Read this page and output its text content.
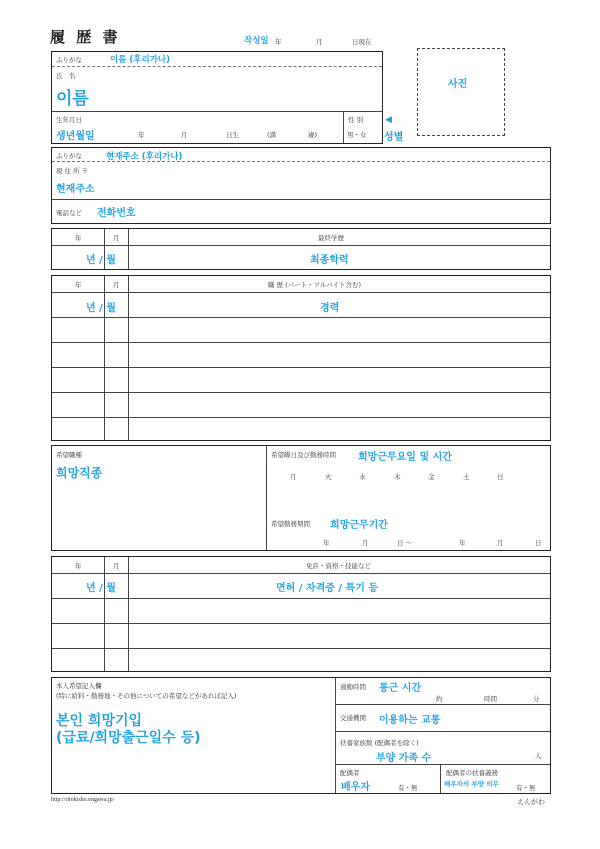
履 歴 書	작성일 年	月	日現在
사진
ふりがな	이름 (후리가나)
氏　名
이름
生年月日
생년월일	年	月	日生	(満	歳)
性 別
男・女
◀
성별
ふりがな	현재주소 (후리가나)
現 住 所 〒
현재주소
電話など 전화번호
年	月	最終学歴
년 / 월	최종학력
年	月	職 歴 (パート・アルバイト含む)
년 / 월	경력
希望職種
희망직종
希望曜日及び勤務時間 희망근무요일 및 시간
月	火	水	木	金	土	日
希望勤務期間 희망근무기간
年	月	日 〜	年	月	日
年	月	免許・資格・技能など
년 / 월	면허 / 자격증 / 특기 등
本人希望記入欄
(特に給料・勤務地・その他についての希望などがあれば記入)
본인 희망기입
(급료/희망출근일수 등)
通勤時間 통근 시간
約	時間	分
交通機関 이용하는 교통
扶養家族数 (配偶者を除く)
부양 가족 수	人
配偶者
배우자	有・無
配偶者の扶養義務
배우자의 부양 의무	有・無
http://rirekisho.engawa.jp/	えんがわ
